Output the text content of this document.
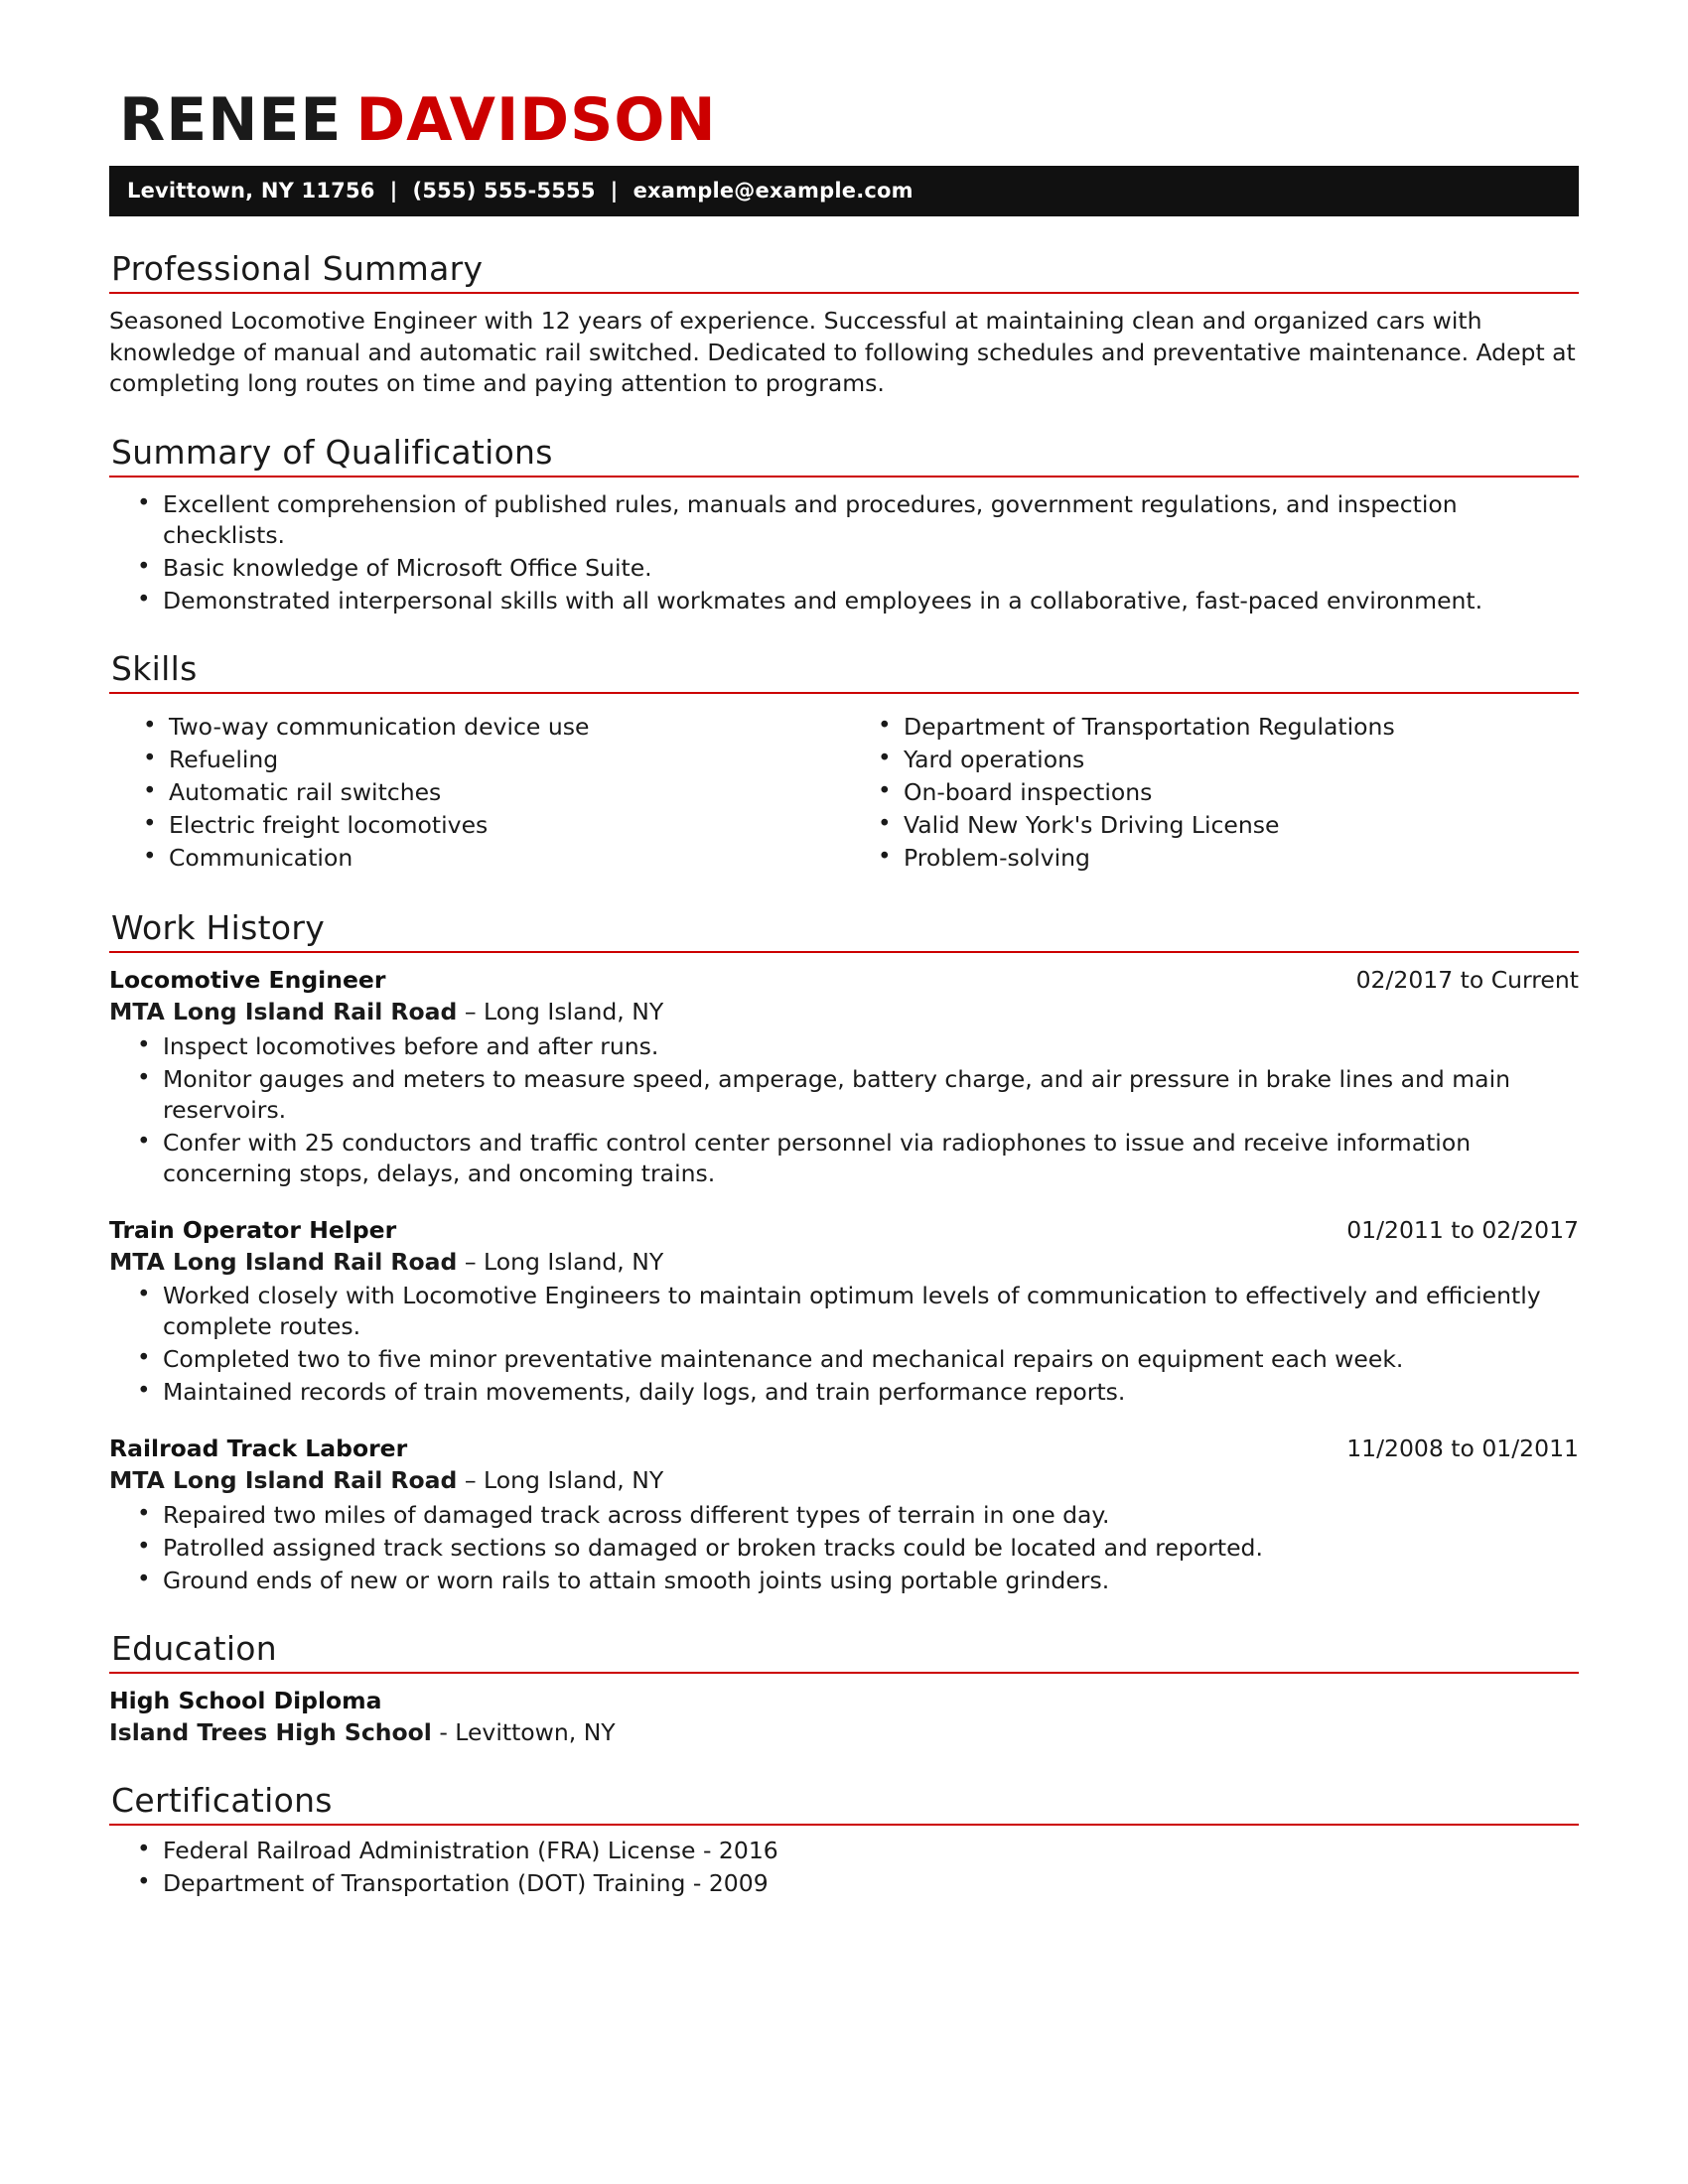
RENEE DAVIDSON
Levittown, NY 11756  |  (555) 555-5555  |  example@example.com
Professional Summary

Seasoned Locomotive Engineer with 12 years of experience. Successful at maintaining clean and organized cars with knowledge of manual and automatic rail switched. Dedicated to following schedules and preventative maintenance. Adept at completing long routes on time and paying attention to programs.

Summary of Qualifications
• Excellent comprehension of published rules, manuals and procedures, government regulations, and inspection checklists.
• Basic knowledge of Microsoft Office Suite.
• Demonstrated interpersonal skills with all workmates and employees in a collaborative, fast-paced environment.
Skills
• Two-way communication device use
• Refueling
• Automatic rail switches
• Electric freight locomotives
• Communication
• Department of Transportation Regulations
• Yard operations
• On-board inspections
• Valid New York's Driving License
• Problem-solving
Work History
Locomotive Engineer	02/2017 to Current
MTA Long Island Rail Road – Long Island, NY
• Inspect locomotives before and after runs.
• Monitor gauges and meters to measure speed, amperage, battery charge, and air pressure in brake lines and main reservoirs.
• Confer with 25 conductors and traffic control center personnel via radiophones to issue and receive information concerning stops, delays, and oncoming trains.
Train Operator Helper	01/2011 to 02/2017
MTA Long Island Rail Road – Long Island, NY
• Worked closely with Locomotive Engineers to maintain optimum levels of communication to effectively and efficiently complete routes.
• Completed two to five minor preventative maintenance and mechanical repairs on equipment each week.
• Maintained records of train movements, daily logs, and train performance reports.
Railroad Track Laborer	11/2008 to 01/2011
MTA Long Island Rail Road – Long Island, NY
• Repaired two miles of damaged track across different types of terrain in one day.
• Patrolled assigned track sections so damaged or broken tracks could be located and reported.
• Ground ends of new or worn rails to attain smooth joints using portable grinders.
Education
High School Diploma
Island Trees High School - Levittown, NY
Certifications
• Federal Railroad Administration (FRA) License - 2016
• Department of Transportation (DOT) Training - 2009
